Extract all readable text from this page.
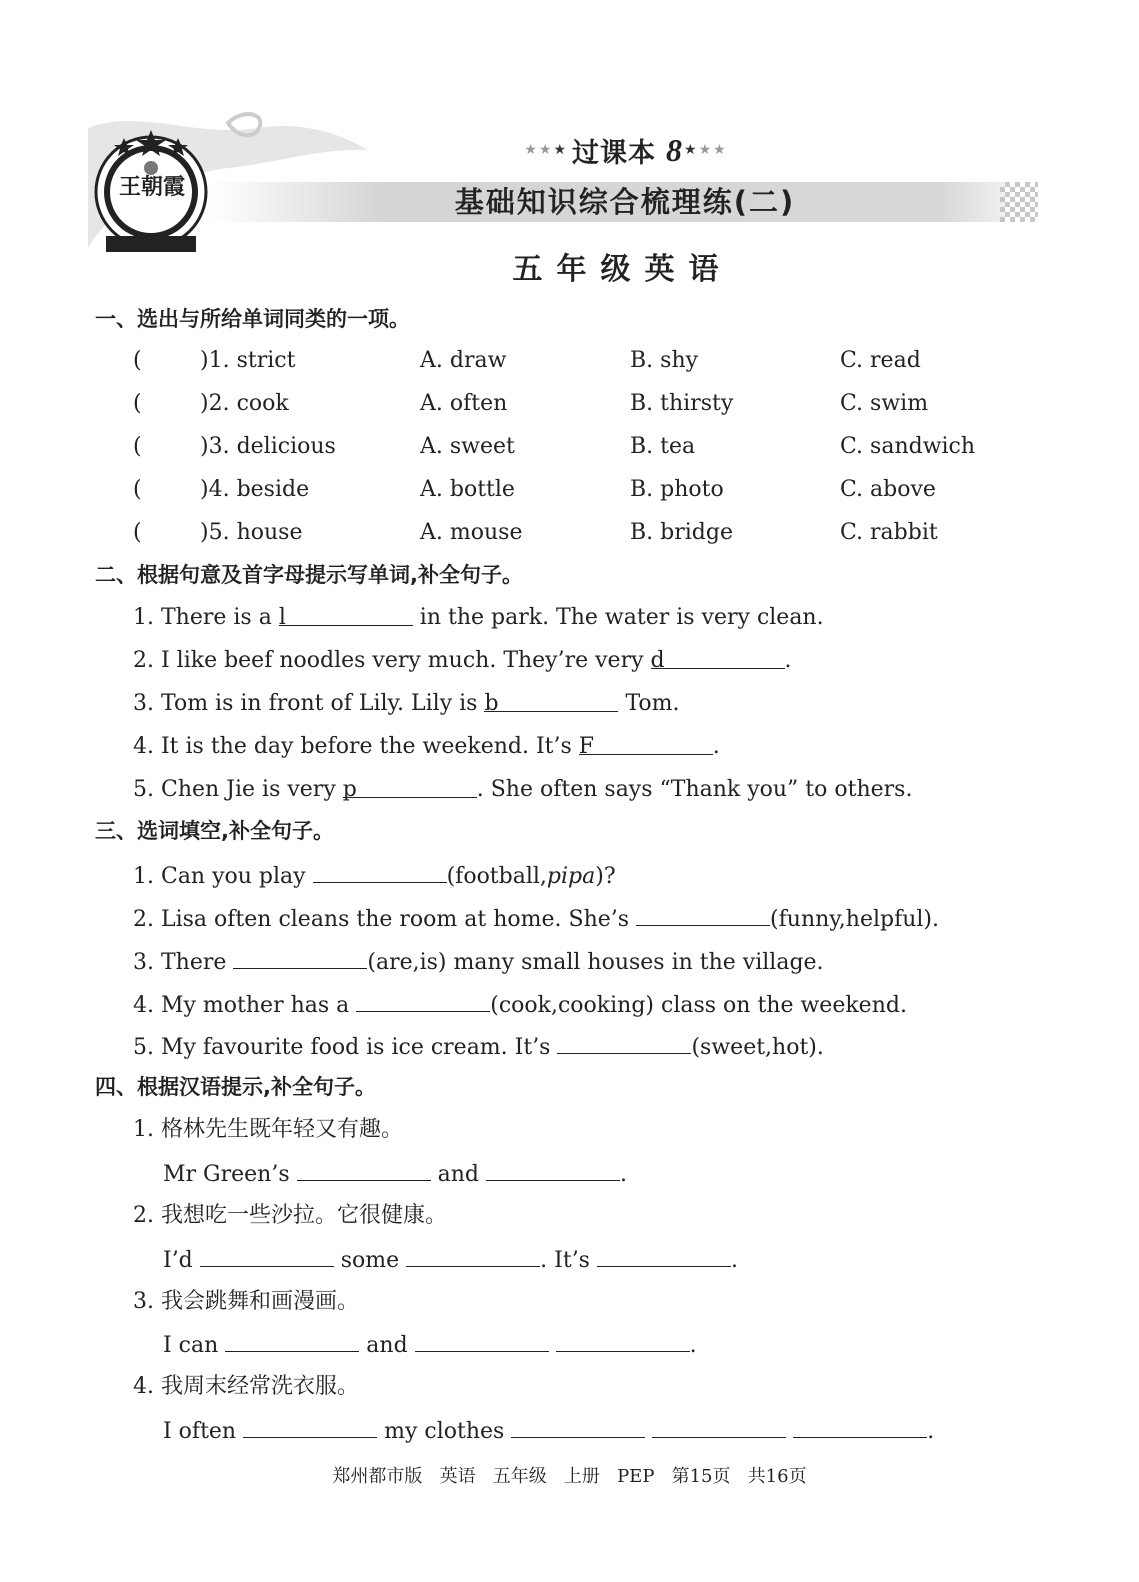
王朝霞
★ ★ ★ 过课本 8 ★ ★ ★
基础知识综合梳理练(二)
五年级英语
一、选出与所给单词同类的一项。
(	)1. strict	A. draw	B. shy	C. read
(	)2. cook	A. often	B. thirsty	C. swim
(	)3. delicious	A. sweet	B. tea	C. sandwich
(	)4. beside	A. bottle	B. photo	C. above
(	)5. house	A. mouse	B. bridge	C. rabbit
二、根据句意及首字母提示写单词,补全句子。
1. There is a l	in the park. The water is very clean.
2. I like beef noodles very much. They’re very d	.
3. Tom is in front of Lily. Lily is b	Tom.
4. It is the day before the weekend. It’s F	.
5. Chen Jie is very p	. She often says “Thank you” to others.
三、选词填空,补全句子。
1. Can you play	(football,pipa)?
2. Lisa often cleans the room at home. She’s	(funny,helpful).
3. There	(are,is) many small houses in the village.
4. My mother has a	(cook,cooking) class on the weekend.
5. My favourite food is ice cream. It’s	(sweet,hot).
四、根据汉语提示,补全句子。
1. 格林先生既年轻又有趣。
Mr Green’s	and	.
2. 我想吃一些沙拉。它很健康。
I’d	some	. It’s	.
3. 我会跳舞和画漫画。
I can	and	.
4. 我周末经常洗衣服。
I often	my clothes	.
郑州都市版   英语   五年级   上册   PEP   第15页   共16页
